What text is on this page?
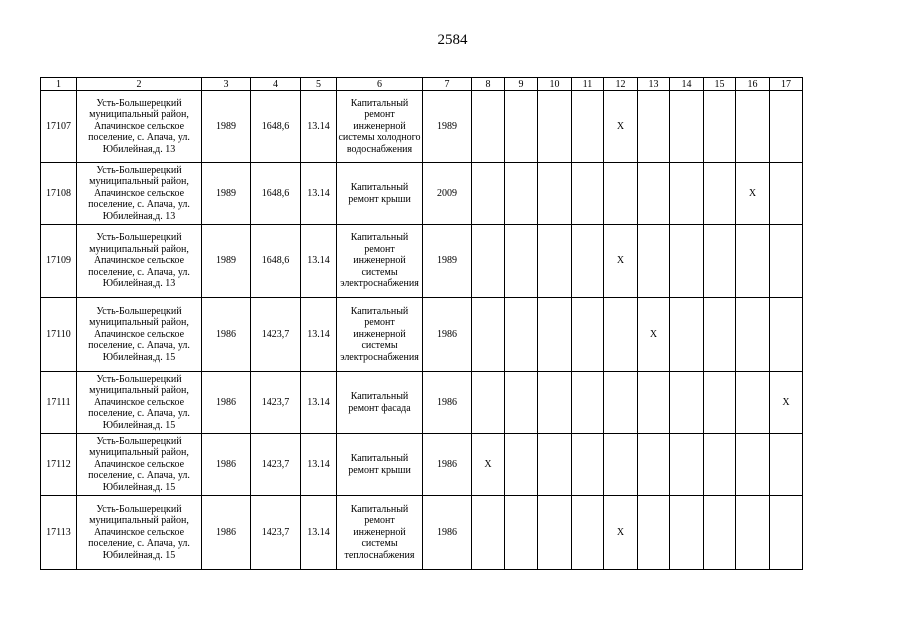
2584
1	2	3	4	5	6	7	8	9	10	11	12	13	14	15	16	17
17107	Усть-Большерецкий муниципальный район, Апачинское сельское поселение, с. Апача, ул. Юбилейная,д. 13	1989	1648,6	13.14	Капитальный ремонт инженерной системы холодного водоснабжения	1989					X					
17108	Усть-Большерецкий муниципальный район, Апачинское сельское поселение, с. Апача, ул. Юбилейная,д. 13	1989	1648,6	13.14	Капитальный ремонт крыши	2009									X	
17109	Усть-Большерецкий муниципальный район, Апачинское сельское поселение, с. Апача, ул. Юбилейная,д. 13	1989	1648,6	13.14	Капитальный ремонт инженерной системы электроснабжения	1989					X					
17110	Усть-Большерецкий муниципальный район, Апачинское сельское поселение, с. Апача, ул. Юбилейная,д. 15	1986	1423,7	13.14	Капитальный ремонт инженерной системы электроснабжения	1986						X				
17111	Усть-Большерецкий муниципальный район, Апачинское сельское поселение, с. Апача, ул. Юбилейная,д. 15	1986	1423,7	13.14	Капитальный ремонт фасада	1986										X
17112	Усть-Большерецкий муниципальный район, Апачинское сельское поселение, с. Апача, ул. Юбилейная,д. 15	1986	1423,7	13.14	Капитальный ремонт крыши	1986	X									
17113	Усть-Большерецкий муниципальный район, Апачинское сельское поселение, с. Апача, ул. Юбилейная,д. 15	1986	1423,7	13.14	Капитальный ремонт инженерной системы теплоснабжения	1986					X					
